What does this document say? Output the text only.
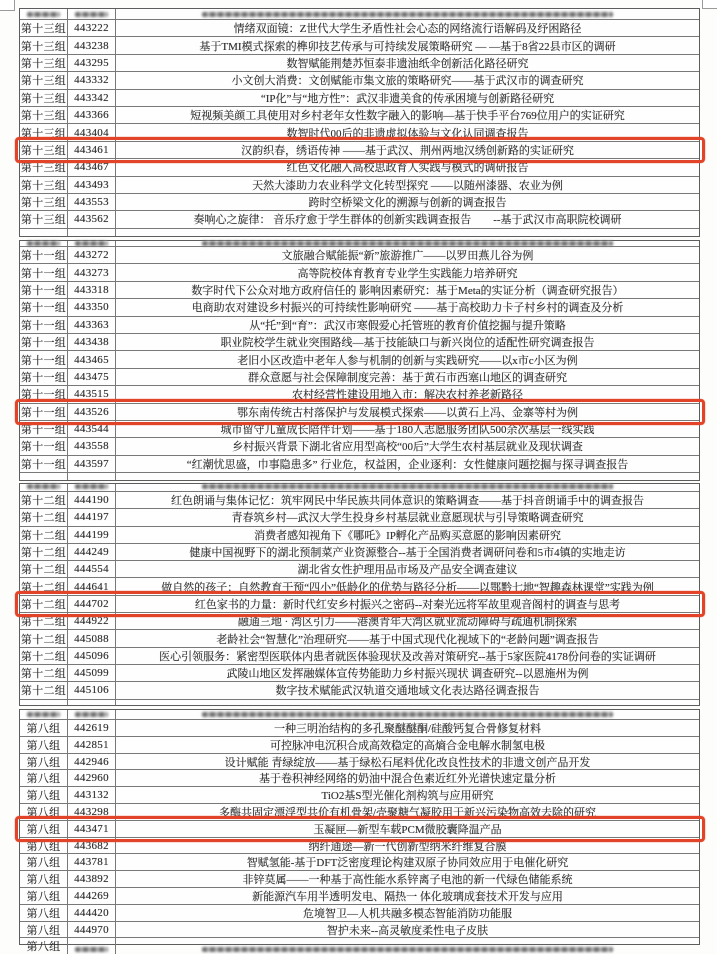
第十三组 443222	情绪双面镜：Z世代大学生矛盾性社会心态的网络流行语解码及纾困路径
第十三组 443238	基于TMI模式探索的榫卯技艺传承与可持续发展策略研究 — —基于8省22县市区的调研
第十三组 443295	数智赋能荆楚苏恒泰非遗油纸伞创新活化路径研究
第十三组 443332	小文创大消费：文创赋能市集文旅的策略研究——基于武汉市的调查研究
第十三组 443342	“IP化”与“地方性”：武汉非遗美食的传承困境与创新路径研究
第十三组 443366	短视频美颜工具使用对乡村老年女性数字融入的影响—基于快手平台769位用户的实证研究
第十三组 443404	数智时代00后的非遗虚拟体验与文化认同调查报告
第十三组 443461	汉韵织春，绣语传神 ——基于武汉、荆州两地汉绣创新路的实证研究
第十三组 443467	红色文化融入高校思政育人实践与模式的调研报告
第十三组 443493	天然大漆助力农业科学文化转型探究 ——以随州漆器、农业为例
第十三组 443553	跨时空桥梁文化的溯源与创新的调查报告
第十三组 443562	奏响心之旋律： 音乐疗愈于学生群体的创新实践调查报告        --基于武汉市高职院校调研
第十一组 443272	文旅融合赋能振“新”旅游推广——以罗田燕儿谷为例
第十一组 443273	高等院校体育教育专业学生实践能力培养研究
第十一组 443318	数字时代下公众对地方政府信任的 影响因素研究：基于Meta的实证分析（调查研究报告）
第十一组 443350	电商助农对建设乡村振兴的可持续性影响研究 ——基于高校助力卡子村乡村的调查及分析
第十一组 443363	从“托”到“育”：武汉市寒假爱心托管班的教育价值挖掘与提升策略
第十一组 443438	职业院校学生就业突围路线—基于技能缺口与新兴岗位的适配性研究调查报告
第十一组 443465	老旧小区改造中老年人参与机制的创新与实践研究——以x市c小区为例
第十一组 443475	群众意愿与社会保障制度完善：基于黄石市西塞山地区的调查研究
第十一组 443515	农村经营性建设用地入市：解决农村养老新路径
第十一组 443526	鄂东南传统古村落保护与发展模式探索——以黄石上冯、金寨等村为例
第十一组 443544	城市留守儿童成长陪伴计划——基于180人志愿服务团队500余次基层一线实践
第十一组 443558	乡村振兴背景下湖北省应用型高校“00后”大学生农村基层就业及现状调查
第十一组 443597	“红潮忧思盛，巾事隐患多” 行业危，权益困，企业逐利：女性健康问题挖掘与探寻调查报告
第十二组 444190	红色朗诵与集体记忆：筑牢网民中华民族共同体意识的策略调查——基于抖音朗诵手中的调查报告
第十二组 444197	青春筑乡村—武汉大学生投身乡村基层就业意愿现状与引导策略调查研究
第十二组 444199	消费者感知视角下《哪吒》IP孵化产品购买意愿的影响因素研究
第十二组 444249	健康中国视野下的湖北预制菜产业资源整合--基于全国消费者调研问卷和5市4镇的实地走访
第十二组 444554	湖北省女性护理用品市场及产品安全调查建议
第十二组 444641	做自然的孩子：自然教育干预“四小”低龄化的优势与路径分析——以鄂黔七地“智趣森林课堂”实践为例
第十二组 444702	红色家书的力量：新时代红安乡村振兴之密码--对秦光远将军故里观音阁村的调查与思考
第十二组 444922	融通三地 · 湾区引力——港澳青年大湾区就业流动障碍与疏通机制探索
第十二组 445088	老龄社会“智慧化”治理研究——基于中国式现代化视域下的“老龄问题”调查报告
第十二组 445096	医心引领服务：紧密型医联体内患者就医体验现状及改善对策研究--基于5家医院4178份问卷的实证调研
第十二组 445099	武陵山地区发挥融媒体宣传势能助力乡村振兴现状 调查研究--以恩施州为例
第十二组 445106	数字技术赋能武汉轨道交通地域文化表达路径调查报告
第八组	442619	一种三明治结构的多孔聚醚醚酮/硅酸钙复合骨修复材料
第八组	442851	可控脉冲电沉积合成高效稳定的高熵合金电解水制氢电极
第八组	442946	设计赋能 青绿绽放——基于绿松石尾料优化改良性技术的非遗文创产品开发
第八组	442960	基于卷积神经网络的奶油中混合色素近红外光谱快速定量分析
第八组	443132	TiO2基S型光催化剂构筑与应用研究
第八组	443298	多酶共固定漂浮型共价有机骨架/壳聚糖气凝胶用于新兴污染物高效去除的研究
第八组	443471	玉凝匣—新型车载PCM微胶囊降温产品
第八组	443682	纳纤通途—新一代创新型纳米纤维复合膜
第八组	443781	智赋氢能-基于DFT泛密度理论构建双原子协同效应用于电催化研究
第八组	443892	非锌莫属——一种基于高性能水系锌离子电池的新一代绿色储能系统
第八组	444269	新能源汽车用半透明发电、隔热一 体化玻璃成套技术开发与应用
第八组	444420	危境智卫—人机共融多模态智能消防功能服
第八组	444970	智护未来--高灵敏度柔性电子皮肤
第八组
